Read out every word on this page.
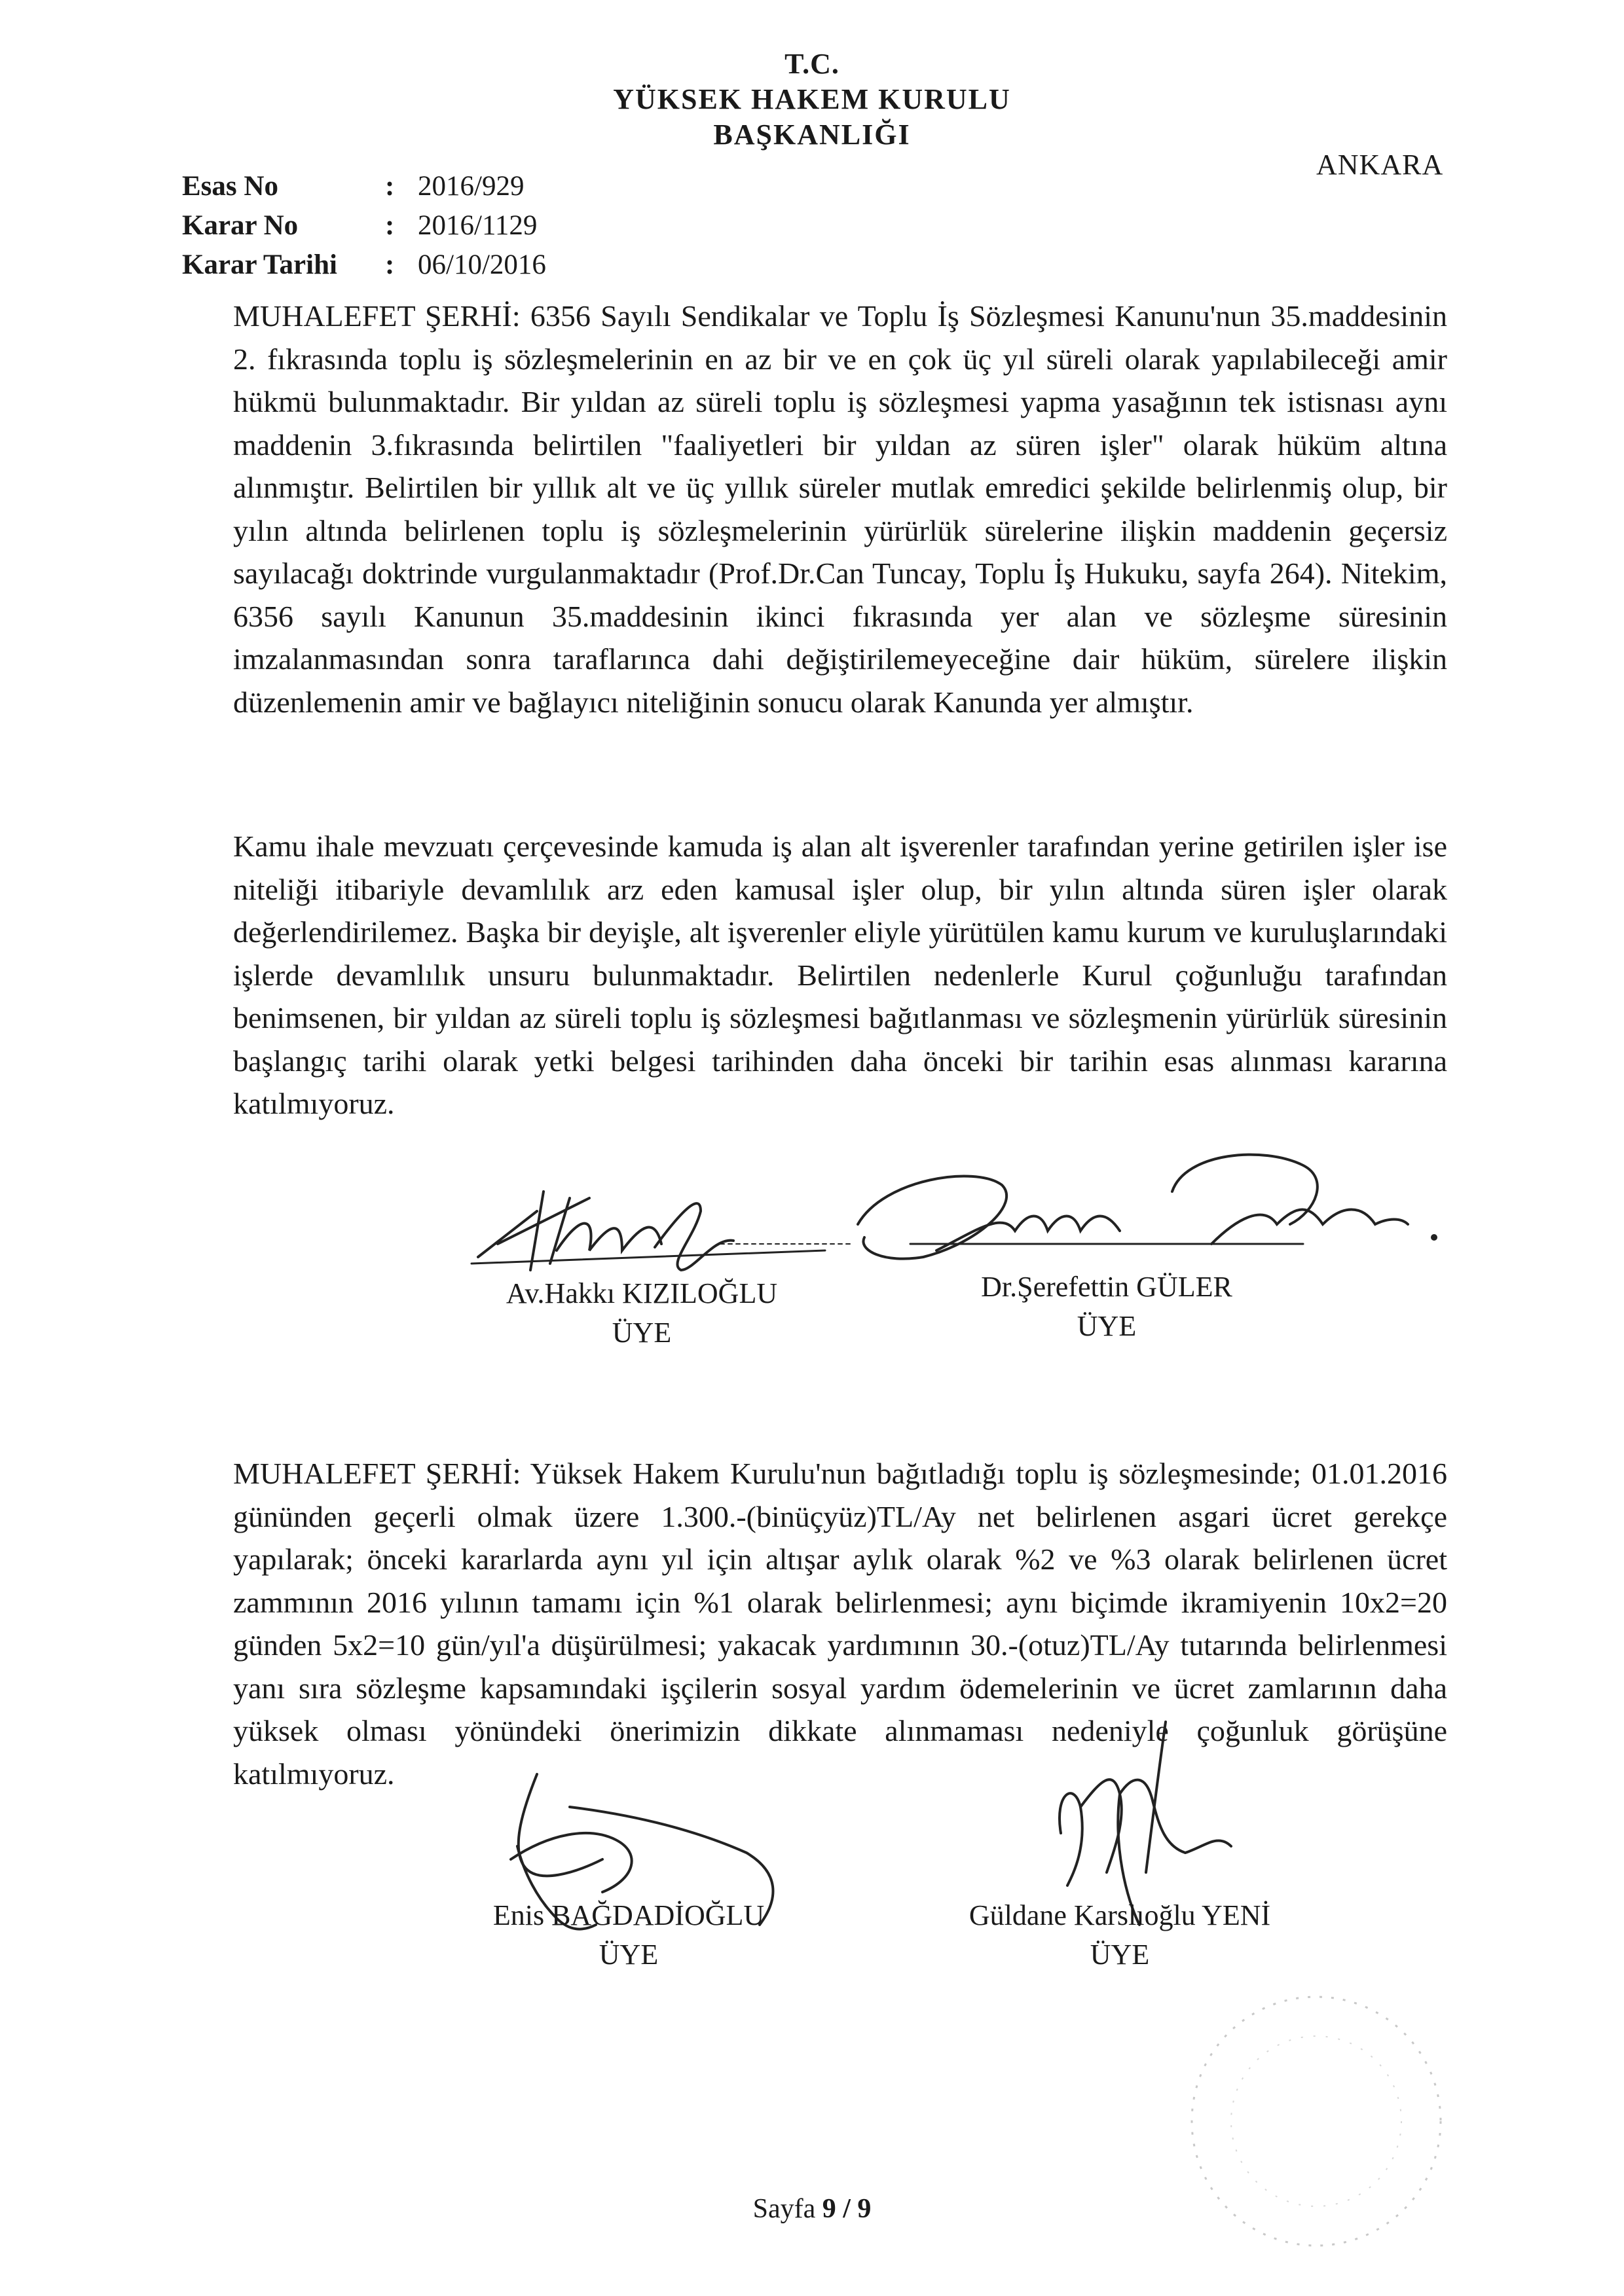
T.C.
YÜKSEK HAKEM KURULU
BAŞKANLIĞI
ANKARA
Esas No	: 2016/929
Karar No	: 2016/1129
Karar Tarihi	: 06/10/2016

MUHALEFET ŞERHİ: 6356 Sayılı Sendikalar ve Toplu İş Sözleşmesi Kanunu'nun 35.maddesinin 2. fıkrasında toplu iş sözleşmelerinin en az bir ve en çok üç yıl süreli olarak yapılabileceği amir hükmü bulunmaktadır. Bir yıldan az süreli toplu iş sözleşmesi yapma yasağının tek istisnası aynı maddenin 3.fıkrasında belirtilen "faaliyetleri bir yıldan az süren işler" olarak hüküm altına alınmıştır. Belirtilen bir yıllık alt ve üç yıllık süreler mutlak emredici şekilde belirlenmiş olup, bir yılın altında belirlenen toplu iş sözleşmelerinin yürürlük sürelerine ilişkin maddenin geçersiz sayılacağı doktrinde vurgulanmaktadır (Prof.Dr.Can Tuncay, Toplu İş Hukuku, sayfa 264). Nitekim, 6356 sayılı Kanunun 35.maddesinin ikinci fıkrasında yer alan ve sözleşme süresinin imzalanmasından sonra taraflarınca dahi değiştirilemeyeceğine dair hüküm, sürelere ilişkin düzenlemenin amir ve bağlayıcı niteliğinin sonucu olarak Kanunda yer almıştır.

Kamu ihale mevzuatı çerçevesinde kamuda iş alan alt işverenler tarafından yerine getirilen işler ise niteliği itibariyle devamlılık arz eden kamusal işler olup, bir yılın altında süren işler olarak değerlendirilemez. Başka bir deyişle, alt işverenler eliyle yürütülen kamu kurum ve kuruluşlarındaki işlerde devamlılık unsuru bulunmaktadır. Belirtilen nedenlerle Kurul çoğunluğu tarafından benimsenen, bir yıldan az süreli toplu iş sözleşmesi bağıtlanması ve sözleşmenin yürürlük süresinin başlangıç tarihi olarak yetki belgesi tarihinden daha önceki bir tarihin esas alınması kararına katılmıyoruz.

Av.Hakkı KIZILOĞLU
ÜYE
Dr.Şerefettin GÜLER
ÜYE

MUHALEFET ŞERHİ: Yüksek Hakem Kurulu'nun bağıtladığı toplu iş sözleşmesinde; 01.01.2016 gününden geçerli olmak üzere 1.300.-(binüçyüz)TL/Ay net belirlenen asgari ücret gerekçe yapılarak; önceki kararlarda aynı yıl için altışar aylık olarak %2 ve %3 olarak belirlenen ücret zammının 2016 yılının tamamı için %1 olarak belirlenmesi; aynı biçimde ikramiyenin 10x2=20 günden 5x2=10 gün/yıl'a düşürülmesi; yakacak yardımının 30.-(otuz)TL/Ay tutarında belirlenmesi yanı sıra sözleşme kapsamındaki işçilerin sosyal yardım ödemelerinin ve ücret zamlarının daha yüksek olması yönündeki önerimizin dikkate alınmaması nedeniyle çoğunluk görüşüne katılmıyoruz.

Enis BAĞDADİOĞLU
ÜYE
Güldane Karslıoğlu YENİ
ÜYE
Sayfa 9 / 9
